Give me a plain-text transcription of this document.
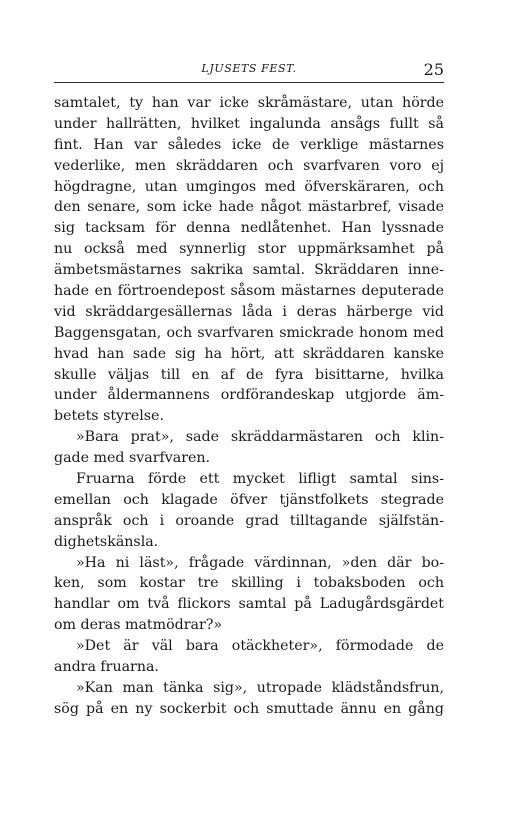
LJUSETS FEST.	25
samtalet, ty han var icke skråmästare, utan hörde
under hallrätten, hvilket ingalunda ansågs fullt så
fint. Han var således icke de verklige mästarnes
vederlike, men skräddaren och svarfvaren voro ej
högdragne, utan umgingos med öfverskäraren, och
den senare, som icke hade något mästarbref, visade
sig tacksam för denna nedlåtenhet. Han lyssnade
nu också med synnerlig stor uppmärksamhet på
ämbetsmästarnes sakrika samtal. Skräddaren inne-
hade en förtroendepost såsom mästarnes deputerade
vid skräddargesällernas låda i deras härberge vid
Baggensgatan, och svarfvaren smickrade honom med
hvad han sade sig ha hört, att skräddaren kanske
skulle väljas till en af de fyra bisittarne, hvilka
under åldermannens ordförandeskap utgjorde äm-
betets styrelse.
»Bara prat», sade skräddarmästaren och klin-
gade med svarfvaren.
Fruarna förde ett mycket lifligt samtal sins-
emellan och klagade öfver tjänstfolkets stegrade
anspråk och i oroande grad tilltagande själfstän-
dighetskänsla.
»Ha ni läst», frågade värdinnan, »den där bo-
ken, som kostar tre skilling i tobaksboden och
handlar om två flickors samtal på Ladugårdsgärdet
om deras matmödrar?»
»Det är väl bara otäckheter», förmodade de
andra fruarna.
»Kan man tänka sig», utropade klädståndsfrun,
sög på en ny sockerbit och smuttade ännu en gång
